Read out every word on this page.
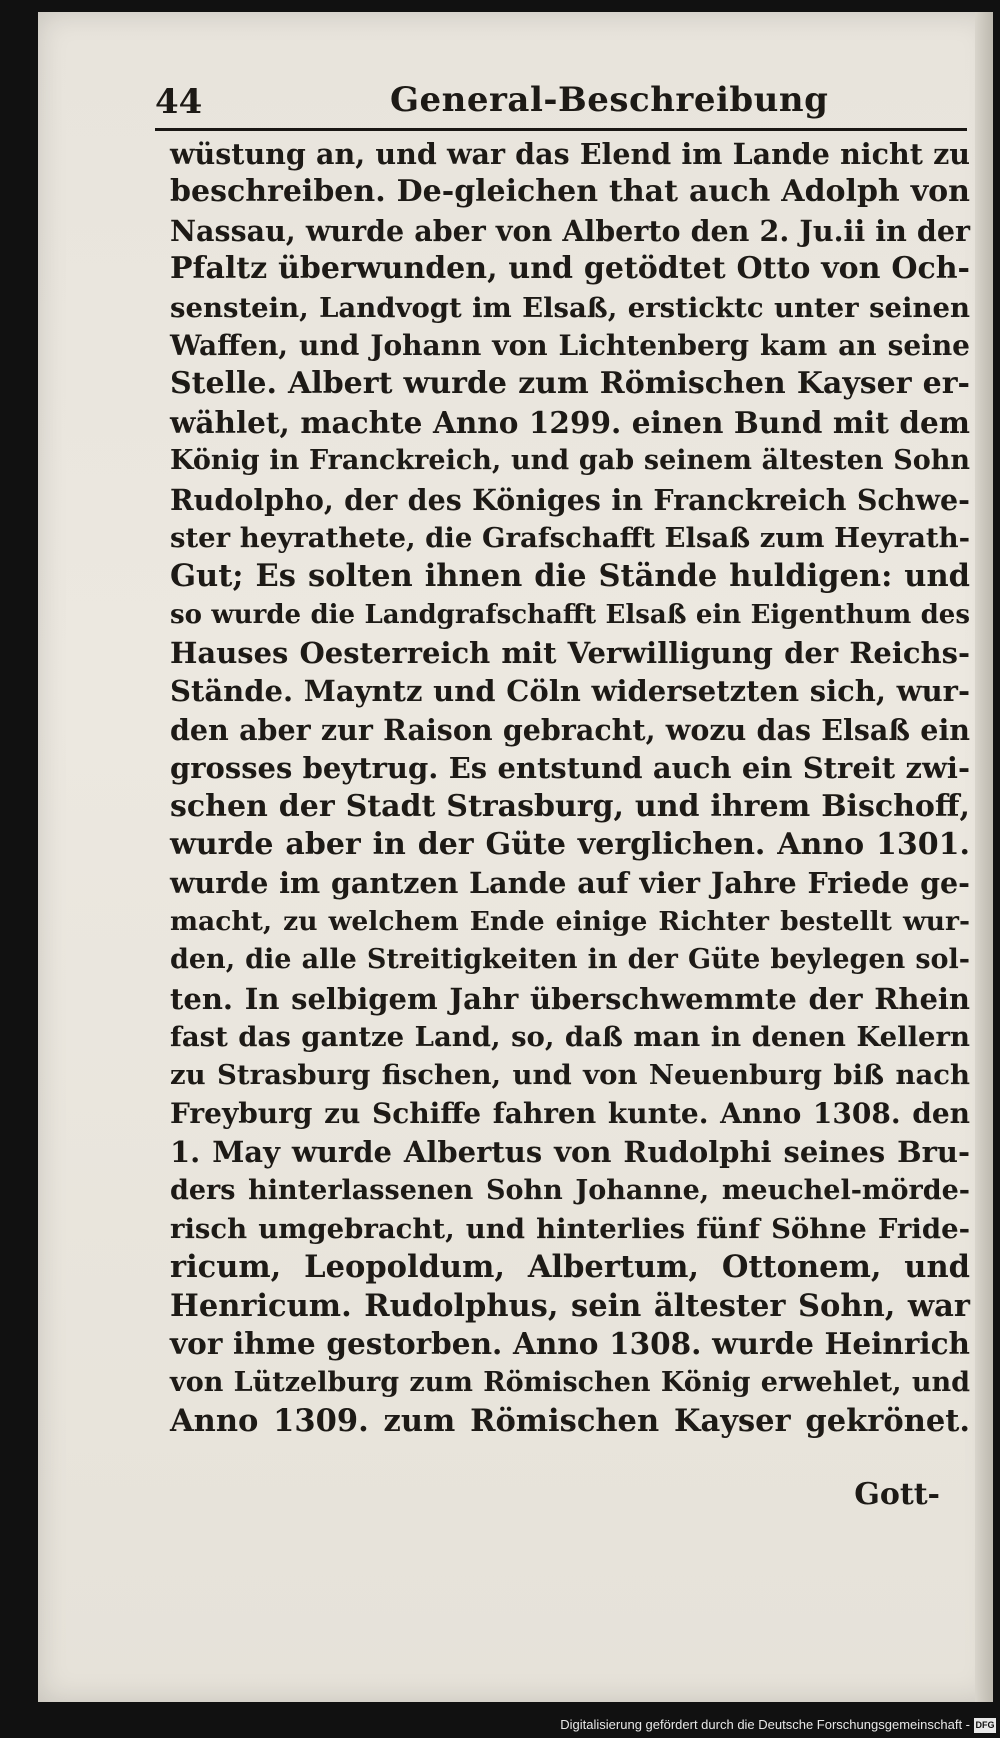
44	General-Beschreibung
wüstung an, und war das Elend im Lande nicht zu
beschreiben. De-gleichen that auch Adolph von
Nassau, wurde aber von Alberto den 2. Ju.ii in der
Pfaltz überwunden, und getödtet Otto von Och-
senstein, Landvogt im Elsaß, ersticktc unter seinen
Waffen, und Johann von Lichtenberg kam an seine
Stelle. Albert wurde zum Römischen Kayser er-
wählet, machte Anno 1299. einen Bund mit dem
König in Franckreich, und gab seinem ältesten Sohn
Rudolpho, der des Königes in Franckreich Schwe-
ster heyrathete, die Grafschafft Elsaß zum Heyrath-
Gut; Es solten ihnen die Stände huldigen: und
so wurde die Landgrafschafft Elsaß ein Eigenthum des
Hauses Oesterreich mit Verwilligung der Reichs-
Stände. Mayntz und Cöln widersetzten sich, wur-
den aber zur Raison gebracht, wozu das Elsaß ein
grosses beytrug. Es entstund auch ein Streit zwi-
schen der Stadt Strasburg, und ihrem Bischoff,
wurde aber in der Güte verglichen. Anno 1301.
wurde im gantzen Lande auf vier Jahre Friede ge-
macht, zu welchem Ende einige Richter bestellt wur-
den, die alle Streitigkeiten in der Güte beylegen sol-
ten. In selbigem Jahr überschwemmte der Rhein
fast das gantze Land, so, daß man in denen Kellern
zu Strasburg fischen, und von Neuenburg biß nach
Freyburg zu Schiffe fahren kunte. Anno 1308. den
1. May wurde Albertus von Rudolphi seines Bru-
ders hinterlassenen Sohn Johanne, meuchel-mörde-
risch umgebracht, und hinterlies fünf Söhne Fride-
ricum, Leopoldum, Albertum, Ottonem, und
Henricum. Rudolphus, sein ältester Sohn, war
vor ihme gestorben. Anno 1308. wurde Heinrich
von Lützelburg zum Römischen König erwehlet, und
Anno 1309. zum Römischen Kayser gekrönet.
Gott-
Digitalisierung gefördert durch die Deutsche Forschungsgemeinschaft - DFG
